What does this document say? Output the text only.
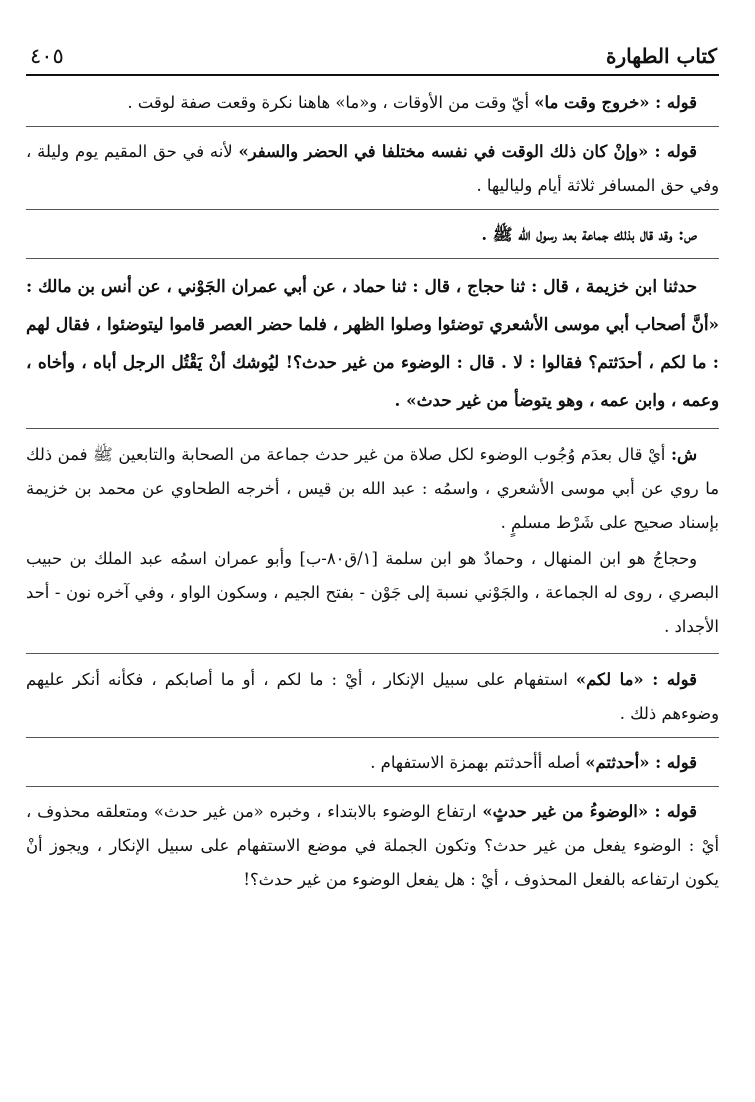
كتاب الطهارة
٤٠٥

قوله : «خروج وقت ما» أيّ وقت من الأوقات ، و«ما» هاهنا نكرة وقعت صفة لوقت .

قوله : «وإنْ كان ذلك الوقت في نفسه مختلفا في الحضر والسفر» لأنه في حق المقيم يوم وليلة ، وفي حق المسافر ثلاثة أيام ولياليها .

ص: وقد قال بذلك جماعة بعد رسول الله ﷺ .

حدثنا ابن خزيمة ، قال : ثنا حجاج ، قال : ثنا حماد ، عن أبي عمران الجَوْني ، عن أنس بن مالك : «أنَّ أصحاب أبي موسى الأشعري توضئوا وصلوا الظهر ، فلما حضر العصر قاموا ليتوضئوا ، فقال لهم : ما لكم ، أحدَثتم؟ فقالوا : لا . قال : الوضوء من غير حدث؟! ليُوشك أنْ يَقْتُل الرجل أباه ، وأخاه ، وعمه ، وابن عمه ، وهو يتوضأ من غير حدث» .

ش: أيْ قال بعدَم وُجُوب الوضوء لكل صلاة من غير حدث جماعة من الصحابة والتابعين ﷺ فمن ذلك ما روي عن أبي موسى الأشعري ، واسمُه : عبد الله بن قيس ، أخرجه الطحاوي عن محمد بن خزيمة بإسناد صحيح على شَرْط مسلمٍ .

وحجاجُ هو ابن المنهال ، وحمادٌ هو ابن سلمة [١/ق٨٠-ب] وأبو عمران اسمُه عبد الملك بن حبيب البصري ، روى له الجماعة ، والجَوْني نسبة إلى جَوْن - بفتح الجيم ، وسكون الواو ، وفي آخره نون - أحد الأجداد .

قوله : «ما لكم» استفهام على سبيل الإنكار ، أيْ : ما لكم ، أو ما أصابكم ، فكأنه أنكر عليهم وضوءهم ذلك .

قوله : «أحدثتم» أصله أأحدثتم بهمزة الاستفهام .

قوله : «الوضوءُ من غير حدثٍ» ارتفاع الوضوء بالابتداء ، وخبره «من غير حدث» ومتعلقه محذوف ، أيْ : الوضوء يفعل من غير حدث؟ وتكون الجملة في موضع الاستفهام على سبيل الإنكار ، ويجوز أنْ يكون ارتفاعه بالفعل المحذوف ، أيْ : هل يفعل الوضوء من غير حدث؟!
